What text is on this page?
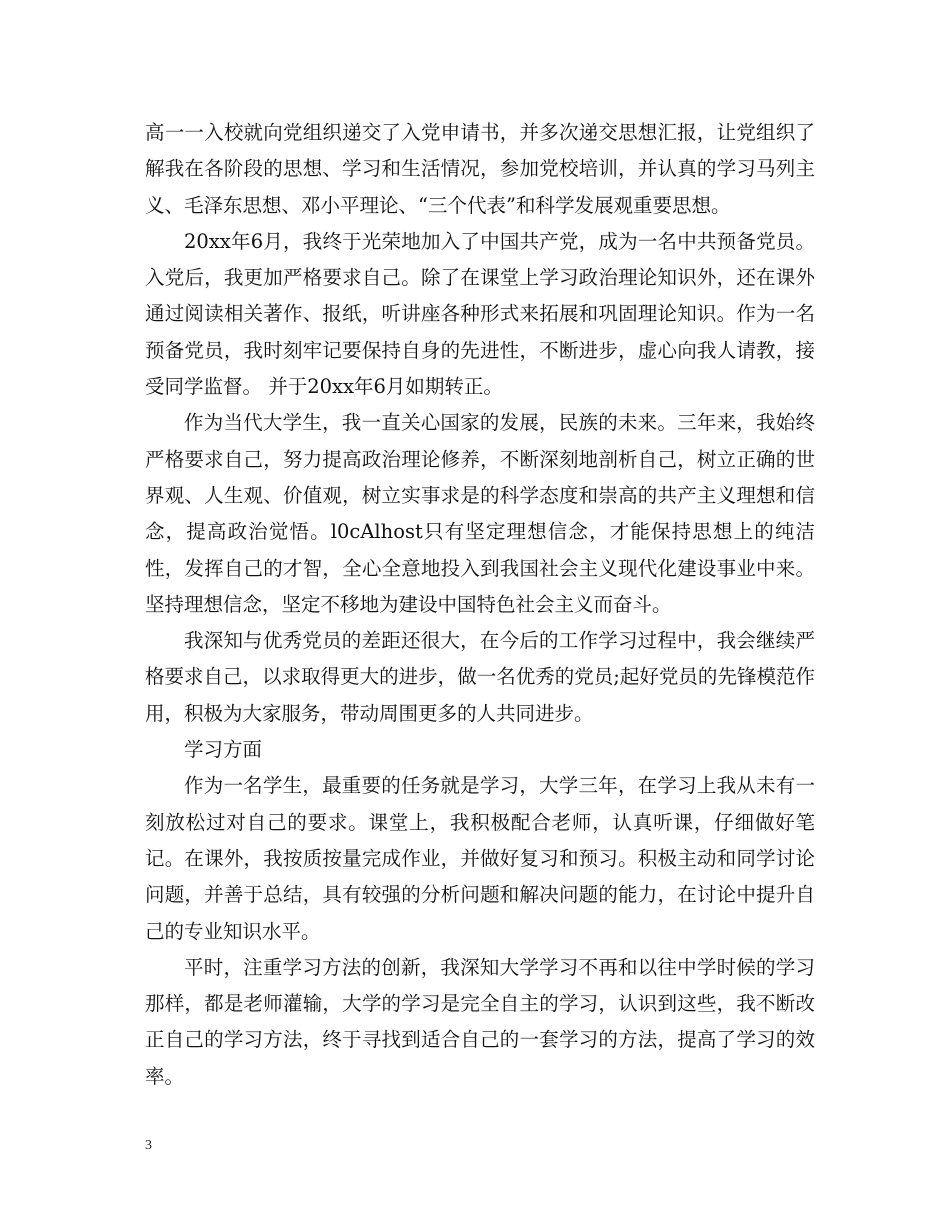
高一一入校就向党组织递交了入党申请书，并多次递交思想汇报，让党组织了解我在各阶段的思想、学习和生活情况，参加党校培训，并认真的学习马列主义、毛泽东思想、邓小平理论、“三个代表”和科学发展观重要思想。

20xx年6月，我终于光荣地加入了中国共产党，成为一名中共预备党员。入党后，我更加严格要求自己。除了在课堂上学习政治理论知识外，还在课外通过阅读相关著作、报纸，听讲座各种形式来拓展和巩固理论知识。作为一名预备党员，我时刻牢记要保持自身的先进性，不断进步，虚心向我人请教，接受同学监督。 并于20xx年6月如期转正。

作为当代大学生，我一直关心国家的发展，民族的未来。三年来，我始终严格要求自己，努力提高政治理论修养，不断深刻地剖析自己，树立正确的世界观、人生观、价值观，树立实事求是的科学态度和崇高的共产主义理想和信念，提高政治觉悟。l0cAlhost只有坚定理想信念，才能保持思想上的纯洁性，发挥自己的才智，全心全意地投入到我国社会主义现代化建设事业中来。坚持理想信念，坚定不移地为建设中国特色社会主义而奋斗。

我深知与优秀党员的差距还很大，在今后的工作学习过程中，我会继续严格要求自己，以求取得更大的进步，做一名优秀的党员;起好党员的先锋模范作用，积极为大家服务，带动周围更多的人共同进步。

学习方面

作为一名学生，最重要的任务就是学习，大学三年，在学习上我从未有一刻放松过对自己的要求。课堂上，我积极配合老师，认真听课，仔细做好笔记。在课外，我按质按量完成作业，并做好复习和预习。积极主动和同学讨论问题，并善于总结，具有较强的分析问题和解决问题的能力，在讨论中提升自己的专业知识水平。

平时，注重学习方法的创新，我深知大学学习不再和以往中学时候的学习那样，都是老师灌输，大学的学习是完全自主的学习，认识到这些，我不断改正自己的学习方法，终于寻找到适合自己的一套学习的方法，提高了学习的效率。

3
